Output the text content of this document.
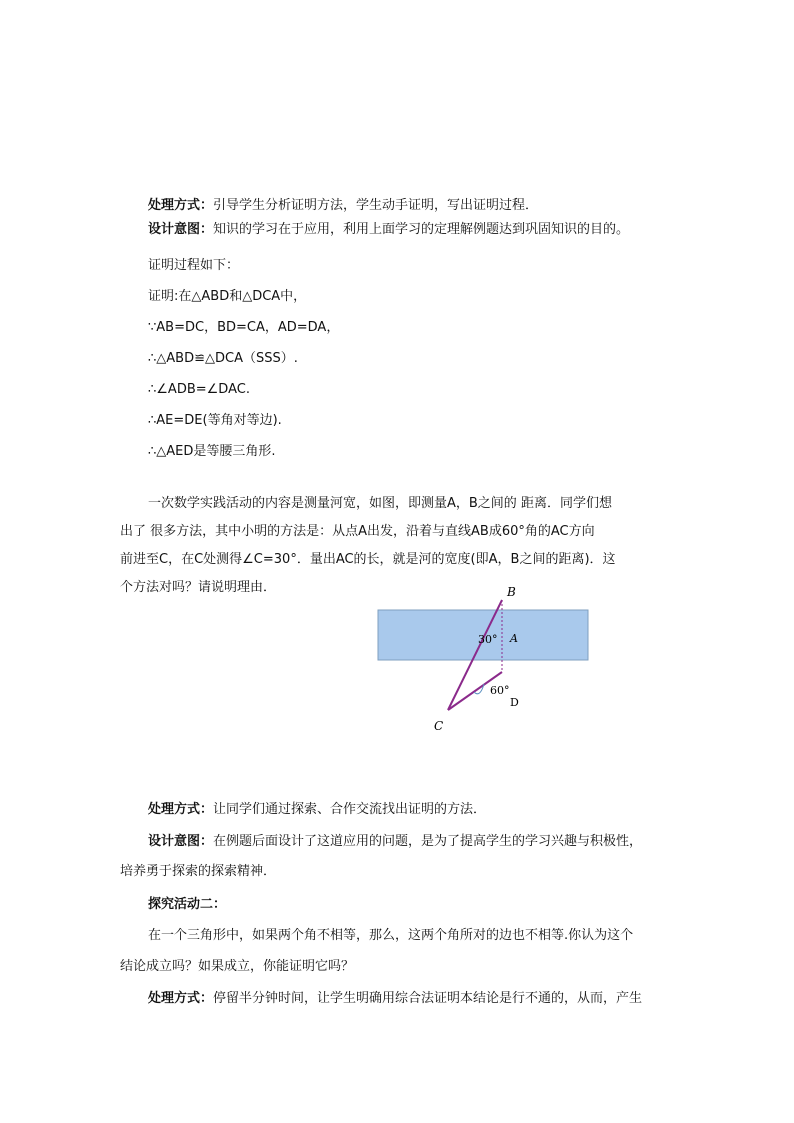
处理方式：引导学生分析证明方法，学生动手证明，写出证明过程．
设计意图：知识的学习在于应用，利用上面学习的定理解例题达到巩固知识的目的。
证明过程如下：
证明:在△ABD和△DCA中，
∵AB=DC，BD=CA，AD=DA，
∴△ABD≌△DCA（SSS）.
∴∠ADB=∠DAC.
∴AE=DE(等角对等边).
∴△AED是等腰三角形.
一次数学实践活动的内容是测量河宽，如图，即测量A，B之间的 距离．同学们想
出了 很多方法，其中小明的方法是：从点A出发，沿着与直线AB成60°角的AC方向
前进至C，在C处测得∠C=30°．量出AC的长，就是河的宽度(即A，B之间的距离)．这
个方法对吗？请说明理由．	B
A
30°
60°
D
C
处理方式：让同学们通过探索、合作交流找出证明的方法．
设计意图：在例题后面设计了这道应用的问题，是为了提高学生的学习兴趣与积极性，
培养勇于探索的探索精神．
探究活动二：
在一个三角形中，如果两个角不相等，那么，这两个角所对的边也不相等.你认为这个
结论成立吗？如果成立，你能证明它吗？
处理方式：停留半分钟时间，让学生明确用综合法证明本结论是行不通的，从而，产生
